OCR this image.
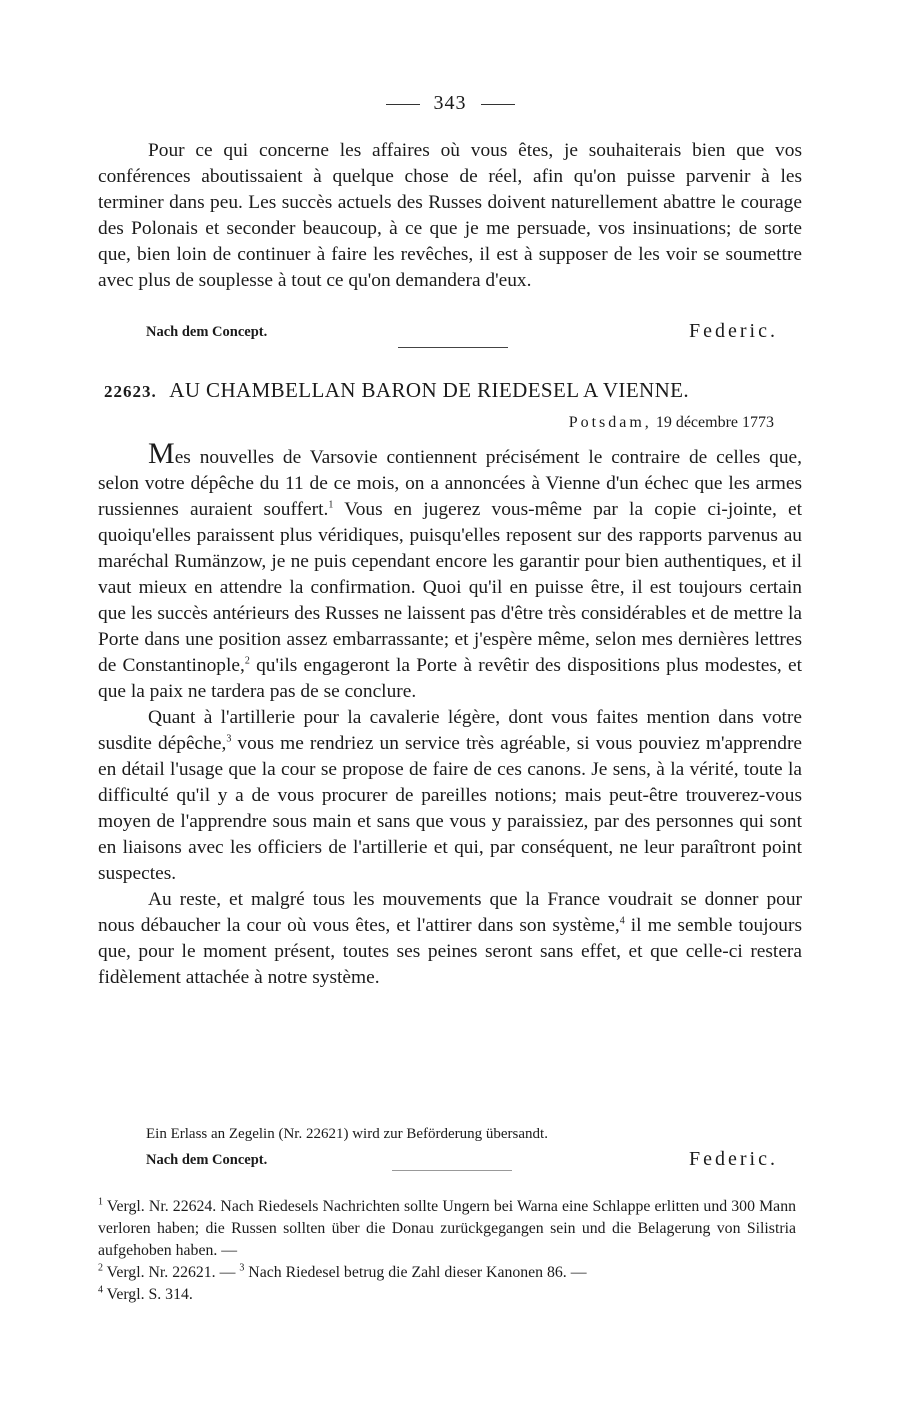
343

Pour ce qui concerne les affaires où vous êtes, je souhaiterais bien que vos conférences aboutissaient à quelque chose de réel, afin qu'on puisse parvenir à les terminer dans peu. Les succès actuels des Russes doivent naturellement abattre le courage des Polonais et seconder beaucoup, à ce que je me persuade, vos insinuations; de sorte que, bien loin de continuer à faire les revêches, il est à supposer de les voir se soumettre avec plus de souplesse à tout ce qu'on demandera d'eux.

Nach dem Concept.	Federic.
22623. AU CHAMBELLAN BARON DE RIEDESEL A VIENNE.
Potsdam, 19 décembre 1773

Mes nouvelles de Varsovie contiennent précisément le contraire de celles que, selon votre dépêche du 11 de ce mois, on a annoncées à Vienne d'un échec que les armes russiennes auraient souffert.$^1$ Vous en jugerez vous-même par la copie ci-jointe, et quoiqu'elles paraissent plus véridiques, puisqu'elles reposent sur des rapports parvenus au maréchal Rumänzow, je ne puis cependant encore les garantir pour bien authentiques, et il vaut mieux en attendre la confirmation. Quoi qu'il en puisse être, il est toujours certain que les succès antérieurs des Russes ne laissent pas d'être très considérables et de mettre la Porte dans une position assez embarrassante; et j'espère même, selon mes dernières lettres de Constantinople,$^2$ qu'ils engageront la Porte à revêtir des dispositions plus modestes, et que la paix ne tardera pas de se conclure.

Quant à l'artillerie pour la cavalerie légère, dont vous faites mention dans votre susdite dépêche,$^3$ vous me rendriez un service très agréable, si vous pouviez m'apprendre en détail l'usage que la cour se propose de faire de ces canons. Je sens, à la vérité, toute la difficulté qu'il y a de vous procurer de pareilles notions; mais peut-être trouverez-vous moyen de l'apprendre sous main et sans que vous y paraissiez, par des personnes qui sont en liaisons avec les officiers de l'artillerie et qui, par conséquent, ne leur paraîtront point suspectes.

Au reste, et malgré tous les mouvements que la France voudrait se donner pour nous débaucher la cour où vous êtes, et l'attirer dans son système,$^4$ il me semble toujours que, pour le moment présent, toutes ses peines seront sans effet, et que celle-ci restera fidèlement attachée à notre système.

Ein Erlass an Zegelin (Nr. 22621) wird zur Beförderung übersandt.
Nach dem Concept.	Federic.

$^1$ Vergl. Nr. 22624. Nach Riedesels Nachrichten sollte Ungern bei Warna eine Schlappe erlitten und 300 Mann verloren haben; die Russen sollten über die Donau zurückgegangen sein und die Belagerung von Silistria aufgehoben haben. —

$^2$ Vergl. Nr. 22621. — $^3$ Nach Riedesel betrug die Zahl dieser Kanonen 86. —

$^4$ Vergl. S. 314.
